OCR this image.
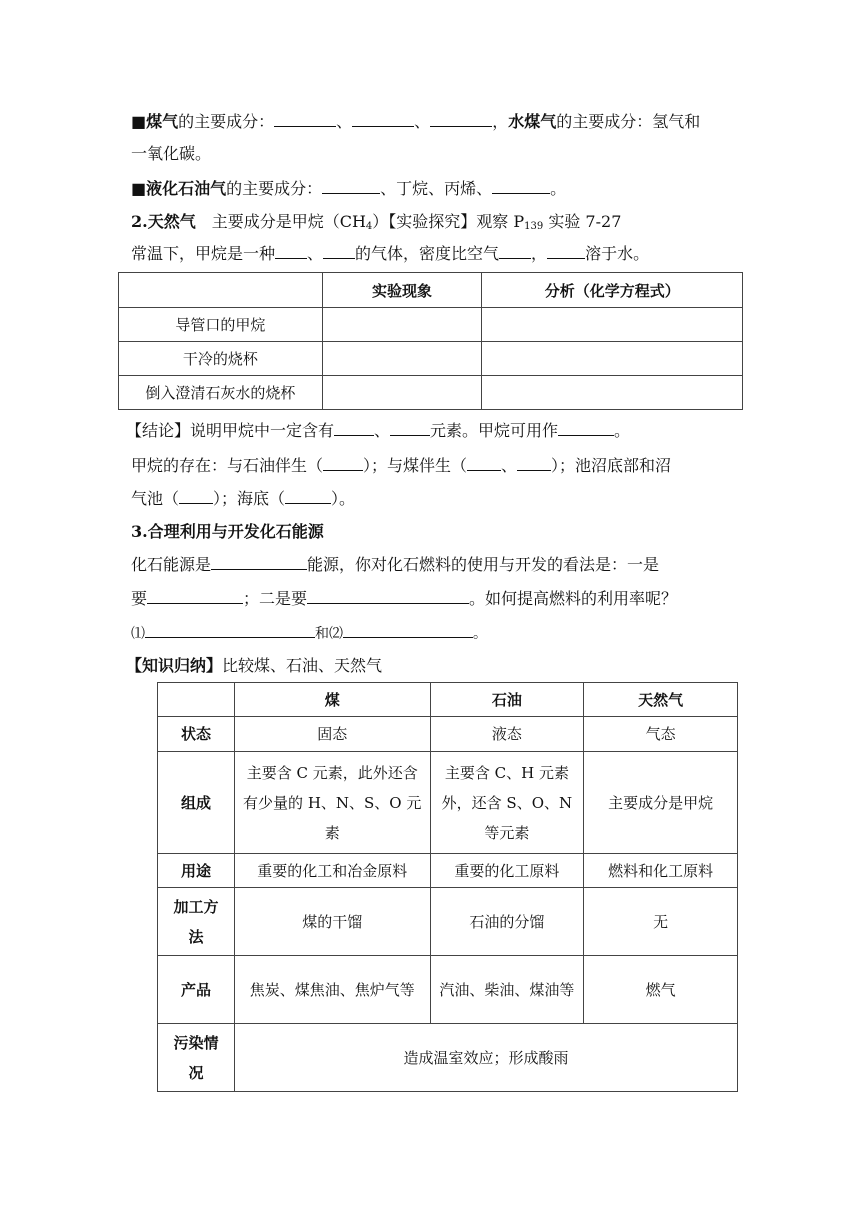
■煤气的主要成分：	、	、	，水煤气的主要成分：氢气和
一氧化碳。
■液化石油气的主要成分：	、丁烷、丙烯、	。
2.天然气 主要成分是甲烷$(CH_4)$【实验探究】观察 $P_{139}$ 实验 7-27
常温下，甲烷是一种 、 的气体，密度比空气 ， 溶于水。
	实验现象	分析（化学方程式）
导管口的甲烷		
干冷的烧杯		
倒入澄清石灰水的烧杯		
【结论】说明甲烷中一定含有	、	元素。甲烷可用作	。
甲烷的存在：与石油伴生（	）；与煤伴生（ 、 ）；池沼底部和沼
气池（ ）；海底（	）。
3.合理利用与开发化石能源
化石能源是	能源，你对化石燃料的使用与开发的看法是：一是
要	；二是要	。如何提高燃料的利用率呢？
⑴	和⑵	。
【知识归纳】比较煤、石油、天然气
	煤	石油	天然气
状态	固态	液态	气态
组成	主要含 C 元素，此外还含有少量的 H、N、S、O 元素	主要含 C、H 元素外，还含 S、O、N 等元素	主要成分是甲烷
用途	重要的化工和冶金原料	重要的化工原料	燃料和化工原料
加工方法	煤的干馏	石油的分馏	无
产品	焦炭、煤焦油、焦炉气等	汽油、柴油、煤油等	燃气
污染情况	造成温室效应；形成酸雨		
